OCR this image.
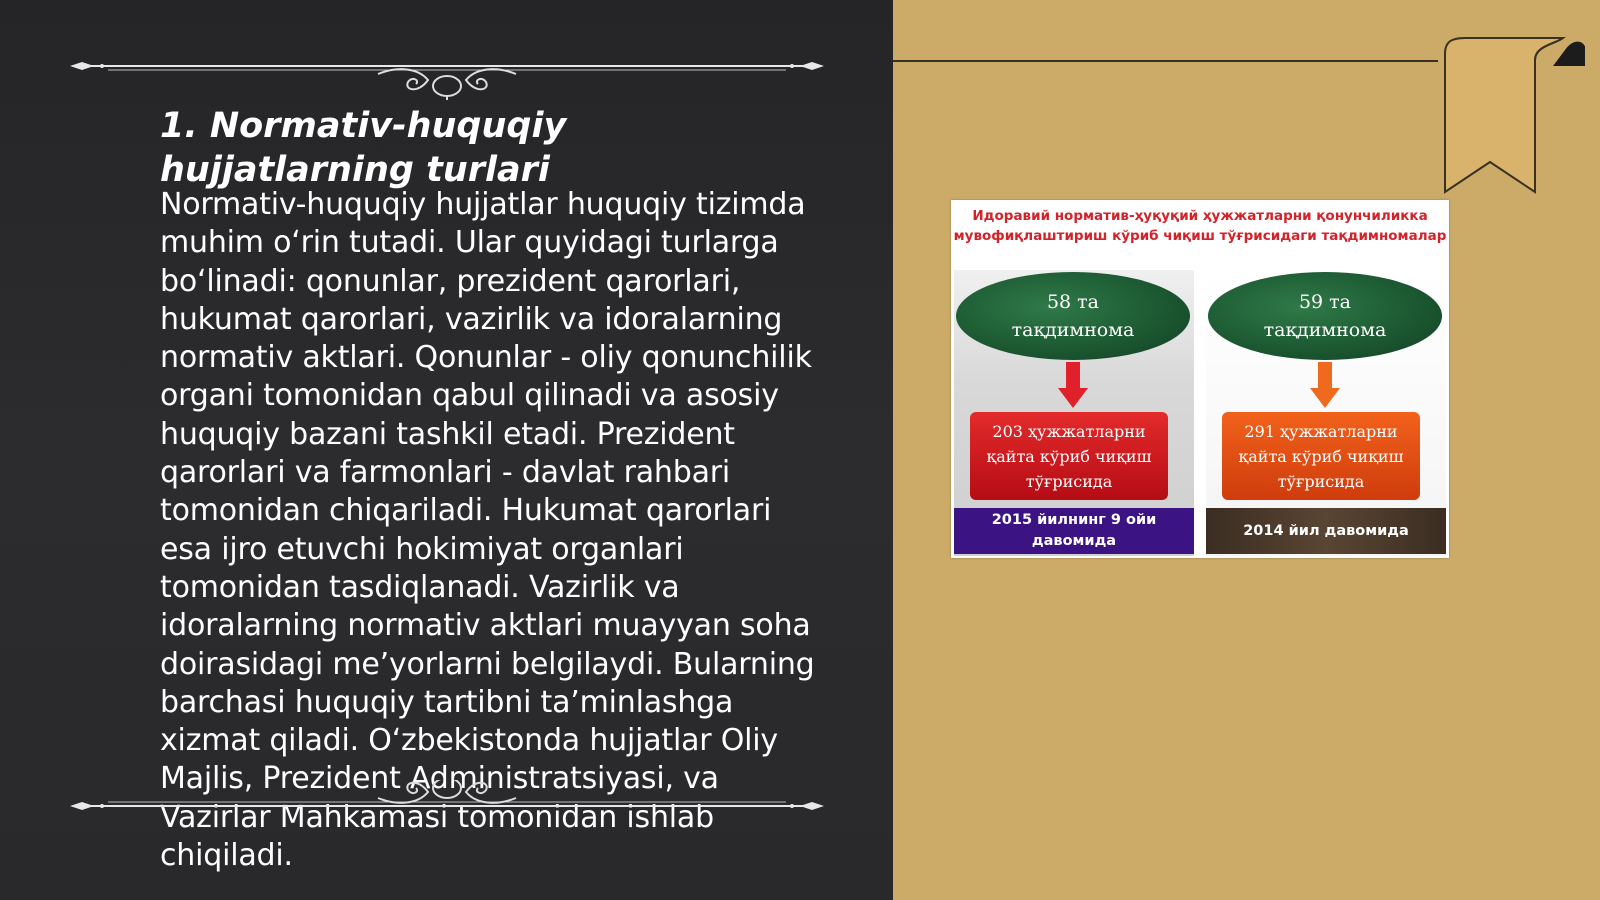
1. Normativ-huquqiy hujjatlarning turlari

Normativ-huquqiy hujjatlar huquqiy tizimda muhim o‘rin tutadi. Ular quyidagi turlarga bo‘linadi: qonunlar, prezident qarorlari, hukumat qarorlari, vazirlik va idoralarning normativ aktlari. Qonunlar - oliy qonunchilik organi tomonidan qabul qilinadi va asosiy huquqiy bazani tashkil etadi. Prezident qarorlari va farmonlari - davlat rahbari tomonidan chiqariladi. Hukumat qarorlari esa ijro etuvchi hokimiyat organlari tomonidan tasdiqlanadi. Vazirlik va idoralarning normativ aktlari muayyan soha doirasidagi me’yorlarni belgilaydi. Bularning barchasi huquqiy tartibni ta’minlashga xizmat qiladi. O‘zbekistonda hujjatlar Oliy Majlis, Prezident Administratsiyasi, va Vazirlar Mahkamasi tomonidan ishlab chiqiladi.

Идоравий норматив-ҳуқуқий ҳужжатларни қонунчиликка мувофиқлаштириш кўриб чиқиш тўғрисидаги тақдимномалар

58 та
тақдимнома
203 ҳужжатларни
қайта кўриб чиқиш
тўғрисида
2015 йилнинг 9 ойи
давомида
59 та
тақдимнома
291 ҳужжатларни
қайта кўриб чиқиш
тўғрисида
2014 йил давомида
